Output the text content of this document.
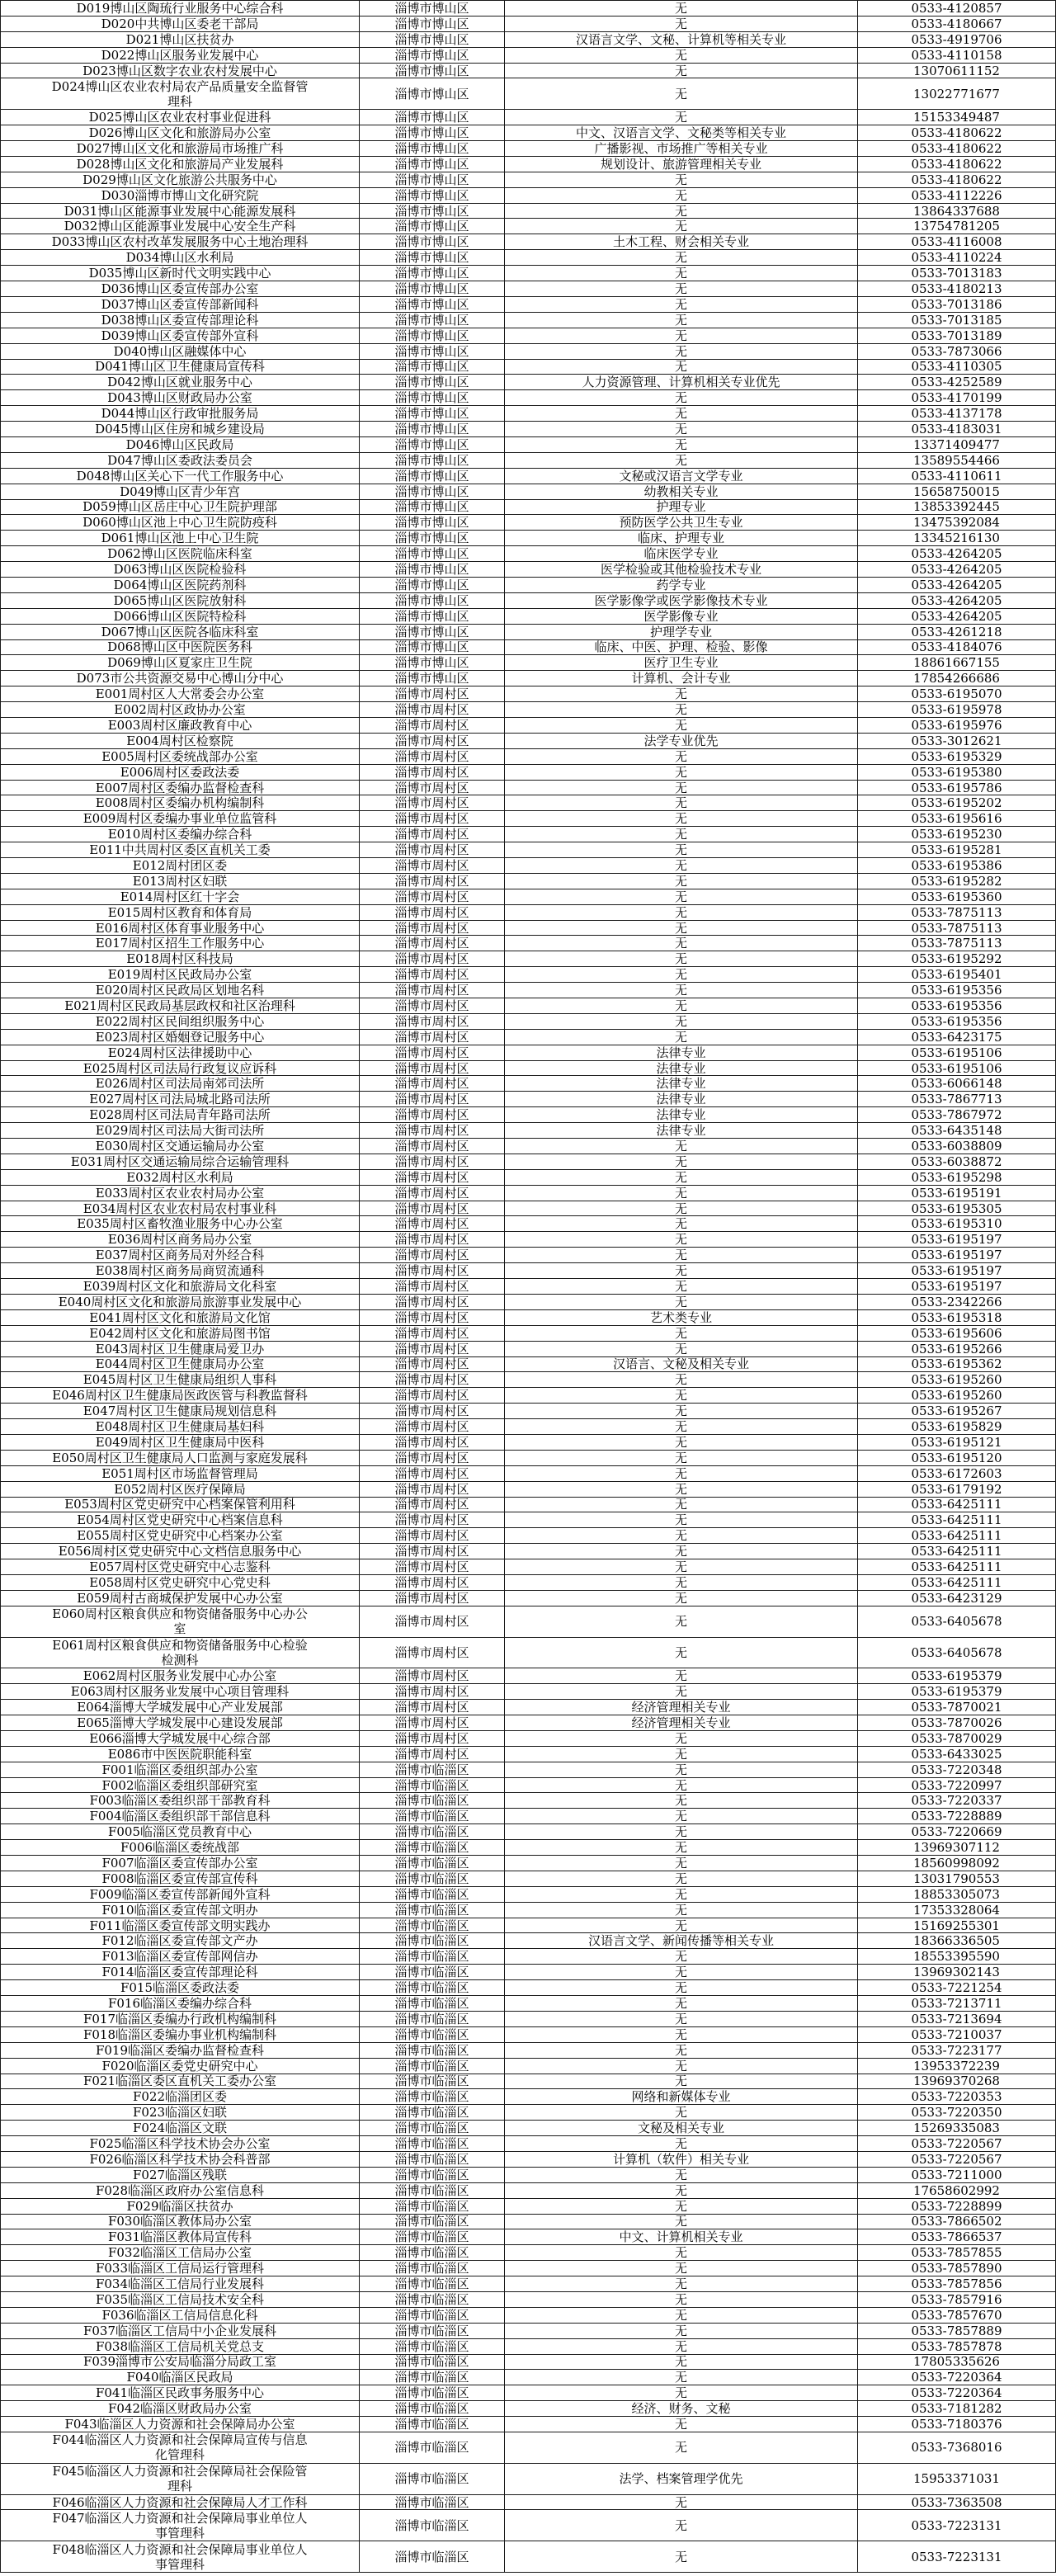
D019博山区陶琉行业服务中心综合科	淄博市博山区	无	0533-4120857
D020中共博山区委老干部局	淄博市博山区	无	0533-4180667
D021博山区扶贫办	淄博市博山区	汉语言文学、文秘、计算机等相关专业	0533-4919706
D022博山区服务业发展中心	淄博市博山区	无	0533-4110158
D023博山区数字农业农村发展中心	淄博市博山区	无	13070611152
D024博山区农业农村局农产品质量安全监督管理科	淄博市博山区	无	13022771677
D025博山区农业农村事业促进科	淄博市博山区	无	15153349487
D026博山区文化和旅游局办公室	淄博市博山区	中文、汉语言文学、文秘类等相关专业	0533-4180622
D027博山区文化和旅游局市场推广科	淄博市博山区	广播影视、市场推广等相关专业	0533-4180622
D028博山区文化和旅游局产业发展科	淄博市博山区	规划设计、旅游管理相关专业	0533-4180622
D029博山区文化旅游公共服务中心	淄博市博山区	无	0533-4180622
D030淄博市博山文化研究院	淄博市博山区	无	0533-4112226
D031博山区能源事业发展中心能源发展科	淄博市博山区	无	13864337688
D032博山区能源事业发展中心安全生产科	淄博市博山区	无	13754781205
D033博山区农村改革发展服务中心土地治理科	淄博市博山区	土木工程、财会相关专业	0533-4116008
D034博山区水利局	淄博市博山区	无	0533-4110224
D035博山区新时代文明实践中心	淄博市博山区	无	0533-7013183
D036博山区委宣传部办公室	淄博市博山区	无	0533-4180213
D037博山区委宣传部新闻科	淄博市博山区	无	0533-7013186
D038博山区委宣传部理论科	淄博市博山区	无	0533-7013185
D039博山区委宣传部外宣科	淄博市博山区	无	0533-7013189
D040博山区融媒体中心	淄博市博山区	无	0533-7873066
D041博山区卫生健康局宣传科	淄博市博山区	无	0533-4110305
D042博山区就业服务中心	淄博市博山区	人力资源管理、计算机相关专业优先	0533-4252589
D043博山区财政局办公室	淄博市博山区	无	0533-4170199
D044博山区行政审批服务局	淄博市博山区	无	0533-4137178
D045博山区住房和城乡建设局	淄博市博山区	无	0533-4183031
D046博山区民政局	淄博市博山区	无	13371409477
D047博山区委政法委员会	淄博市博山区	无	13589554466
D048博山区关心下一代工作服务中心	淄博市博山区	文秘或汉语言文学专业	0533-4110611
D049博山区青少年宫	淄博市博山区	幼教相关专业	15658750015
D059博山区岳庄中心卫生院护理部	淄博市博山区	护理专业	13853392445
D060博山区池上中心卫生院防疫科	淄博市博山区	预防医学公共卫生专业	13475392084
D061博山区池上中心卫生院	淄博市博山区	临床、护理专业	13345216130
D062博山区医院临床科室	淄博市博山区	临床医学专业	0533-4264205
D063博山区医院检验科	淄博市博山区	医学检验或其他检验技术专业	0533-4264205
D064博山区医院药剂科	淄博市博山区	药学专业	0533-4264205
D065博山区医院放射科	淄博市博山区	医学影像学或医学影像技术专业	0533-4264205
D066博山区医院特检科	淄博市博山区	医学影像专业	0533-4264205
D067博山区医院各临床科室	淄博市博山区	护理学专业	0533-4261218
D068博山区中医院医务科	淄博市博山区	临床、中医、护理、检验、影像	0533-4184076
D069博山区夏家庄卫生院	淄博市博山区	医疗卫生专业	18861667155
D073市公共资源交易中心博山分中心	淄博市博山区	计算机、会计专业	17854266686
E001周村区人大常委会办公室	淄博市周村区	无	0533-6195070
E002周村区政协办公室	淄博市周村区	无	0533-6195978
E003周村区廉政教育中心	淄博市周村区	无	0533-6195976
E004周村区检察院	淄博市周村区	法学专业优先	0533-3012621
E005周村区委统战部办公室	淄博市周村区	无	0533-6195329
E006周村区委政法委	淄博市周村区	无	0533-6195380
E007周村区委编办监督检查科	淄博市周村区	无	0533-6195786
E008周村区委编办机构编制科	淄博市周村区	无	0533-6195202
E009周村区委编办事业单位监管科	淄博市周村区	无	0533-6195616
E010周村区委编办综合科	淄博市周村区	无	0533-6195230
E011中共周村区委区直机关工委	淄博市周村区	无	0533-6195281
E012周村团区委	淄博市周村区	无	0533-6195386
E013周村区妇联	淄博市周村区	无	0533-6195282
E014周村区红十字会	淄博市周村区	无	0533-6195360
E015周村区教育和体育局	淄博市周村区	无	0533-7875113
E016周村区体育事业服务中心	淄博市周村区	无	0533-7875113
E017周村区招生工作服务中心	淄博市周村区	无	0533-7875113
E018周村区科技局	淄博市周村区	无	0533-6195292
E019周村区民政局办公室	淄博市周村区	无	0533-6195401
E020周村区民政局区划地名科	淄博市周村区	无	0533-6195356
E021周村区民政局基层政权和社区治理科	淄博市周村区	无	0533-6195356
E022周村区民间组织服务中心	淄博市周村区	无	0533-6195356
E023周村区婚姻登记服务中心	淄博市周村区	无	0533-6423175
E024周村区法律援助中心	淄博市周村区	法律专业	0533-6195106
E025周村区司法局行政复议应诉科	淄博市周村区	法律专业	0533-6195106
E026周村区司法局南郊司法所	淄博市周村区	法律专业	0533-6066148
E027周村区司法局城北路司法所	淄博市周村区	法律专业	0533-7867713
E028周村区司法局青年路司法所	淄博市周村区	法律专业	0533-7867972
E029周村区司法局大街司法所	淄博市周村区	法律专业	0533-6435148
E030周村区交通运输局办公室	淄博市周村区	无	0533-6038809
E031周村区交通运输局综合运输管理科	淄博市周村区	无	0533-6038872
E032周村区水利局	淄博市周村区	无	0533-6195298
E033周村区农业农村局办公室	淄博市周村区	无	0533-6195191
E034周村区农业农村局农村事业科	淄博市周村区	无	0533-6195305
E035周村区畜牧渔业服务中心办公室	淄博市周村区	无	0533-6195310
E036周村区商务局办公室	淄博市周村区	无	0533-6195197
E037周村区商务局对外经合科	淄博市周村区	无	0533-6195197
E038周村区商务局商贸流通科	淄博市周村区	无	0533-6195197
E039周村区文化和旅游局文化科室	淄博市周村区	无	0533-6195197
E040周村区文化和旅游局旅游事业发展中心	淄博市周村区	无	0533-2342266
E041周村区文化和旅游局文化馆	淄博市周村区	艺术类专业	0533-6195318
E042周村区文化和旅游局图书馆	淄博市周村区	无	0533-6195606
E043周村区卫生健康局爱卫办	淄博市周村区	无	0533-6195266
E044周村区卫生健康局办公室	淄博市周村区	汉语言、文秘及相关专业	0533-6195362
E045周村区卫生健康局组织人事科	淄博市周村区	无	0533-6195260
E046周村区卫生健康局医政医管与科教监督科	淄博市周村区	无	0533-6195260
E047周村区卫生健康局规划信息科	淄博市周村区	无	0533-6195267
E048周村区卫生健康局基妇科	淄博市周村区	无	0533-6195829
E049周村区卫生健康局中医科	淄博市周村区	无	0533-6195121
E050周村区卫生健康局人口监测与家庭发展科	淄博市周村区	无	0533-6195120
E051周村区市场监督管理局	淄博市周村区	无	0533-6172603
E052周村区医疗保障局	淄博市周村区	无	0533-6179192
E053周村区党史研究中心档案保管利用科	淄博市周村区	无	0533-6425111
E054周村区党史研究中心档案信息科	淄博市周村区	无	0533-6425111
E055周村区党史研究中心档案办公室	淄博市周村区	无	0533-6425111
E056周村区党史研究中心文档信息服务中心	淄博市周村区	无	0533-6425111
E057周村区党史研究中心志鉴科	淄博市周村区	无	0533-6425111
E058周村区党史研究中心党史科	淄博市周村区	无	0533-6425111
E059周村古商城保护发展中心办公室	淄博市周村区	无	0533-6423129
E060周村区粮食供应和物资储备服务中心办公室	淄博市周村区	无	0533-6405678
E061周村区粮食供应和物资储备服务中心检验检测科	淄博市周村区	无	0533-6405678
E062周村区服务业发展中心办公室	淄博市周村区	无	0533-6195379
E063周村区服务业发展中心项目管理科	淄博市周村区	无	0533-6195379
E064淄博大学城发展中心产业发展部	淄博市周村区	经济管理相关专业	0533-7870021
E065淄博大学城发展中心建设发展部	淄博市周村区	经济管理相关专业	0533-7870026
E066淄博大学城发展中心综合部	淄博市周村区	无	0533-7870029
E086市中医医院职能科室	淄博市周村区	无	0533-6433025
F001临淄区委组织部办公室	淄博市临淄区	无	0533-7220348
F002临淄区委组织部研究室	淄博市临淄区	无	0533-7220997
F003临淄区委组织部干部教育科	淄博市临淄区	无	0533-7220337
F004临淄区委组织部干部信息科	淄博市临淄区	无	0533-7228889
F005临淄区党员教育中心	淄博市临淄区	无	0533-7220669
F006临淄区委统战部	淄博市临淄区	无	13969307112
F007临淄区委宣传部办公室	淄博市临淄区	无	18560998092
F008临淄区委宣传部宣传科	淄博市临淄区	无	13031790553
F009临淄区委宣传部新闻外宣科	淄博市临淄区	无	18853305073
F010临淄区委宣传部文明办	淄博市临淄区	无	17353328064
F011临淄区委宣传部文明实践办	淄博市临淄区	无	15169255301
F012临淄区委宣传部文产办	淄博市临淄区	汉语言文学、新闻传播等相关专业	18366336505
F013临淄区委宣传部网信办	淄博市临淄区	无	18553395590
F014临淄区委宣传部理论科	淄博市临淄区	无	13969302143
F015临淄区委政法委	淄博市临淄区	无	0533-7221254
F016临淄区委编办综合科	淄博市临淄区	无	0533-7213711
F017临淄区委编办行政机构编制科	淄博市临淄区	无	0533-7213694
F018临淄区委编办事业机构编制科	淄博市临淄区	无	0533-7210037
F019临淄区委编办监督检查科	淄博市临淄区	无	0533-7223177
F020临淄区委党史研究中心	淄博市临淄区	无	13953372239
F021临淄区委区直机关工委办公室	淄博市临淄区	无	13969370268
F022临淄团区委	淄博市临淄区	网络和新媒体专业	0533-7220353
F023临淄区妇联	淄博市临淄区	无	0533-7220350
F024临淄区文联	淄博市临淄区	文秘及相关专业	15269335083
F025临淄区科学技术协会办公室	淄博市临淄区	无	0533-7220567
F026临淄区科学技术协会科普部	淄博市临淄区	计算机（软件）相关专业	0533-7220567
F027临淄区残联	淄博市临淄区	无	0533-7211000
F028临淄区政府办公室信息科	淄博市临淄区	无	17658602992
F029临淄区扶贫办	淄博市临淄区	无	0533-7228899
F030临淄区教体局办公室	淄博市临淄区	无	0533-7866502
F031临淄区教体局宣传科	淄博市临淄区	中文、计算机相关专业	0533-7866537
F032临淄区工信局办公室	淄博市临淄区	无	0533-7857855
F033临淄区工信局运行管理科	淄博市临淄区	无	0533-7857890
F034临淄区工信局行业发展科	淄博市临淄区	无	0533-7857856
F035临淄区工信局技术安全科	淄博市临淄区	无	0533-7857916
F036临淄区工信局信息化科	淄博市临淄区	无	0533-7857670
F037临淄区工信局中小企业发展科	淄博市临淄区	无	0533-7857889
F038临淄区工信局机关党总支	淄博市临淄区	无	0533-7857878
F039淄博市公安局临淄分局政工室	淄博市临淄区	无	17805335626
F040临淄区民政局	淄博市临淄区	无	0533-7220364
F041临淄区民政事务服务中心	淄博市临淄区	无	0533-7220364
F042临淄区财政局办公室	淄博市临淄区	经济、财务、文秘	0533-7181282
F043临淄区人力资源和社会保障局办公室	淄博市临淄区	无	0533-7180376
F044临淄区人力资源和社会保障局宣传与信息化管理科	淄博市临淄区	无	0533-7368016
F045临淄区人力资源和社会保障局社会保险管理科	淄博市临淄区	法学、档案管理学优先	15953371031
F046临淄区人力资源和社会保障局人才工作科	淄博市临淄区	无	0533-7363508
F047临淄区人力资源和社会保障局事业单位人事管理科	淄博市临淄区	无	0533-7223131
F048临淄区人力资源和社会保障局事业单位人事管理科	淄博市临淄区	无	0533-7223131
